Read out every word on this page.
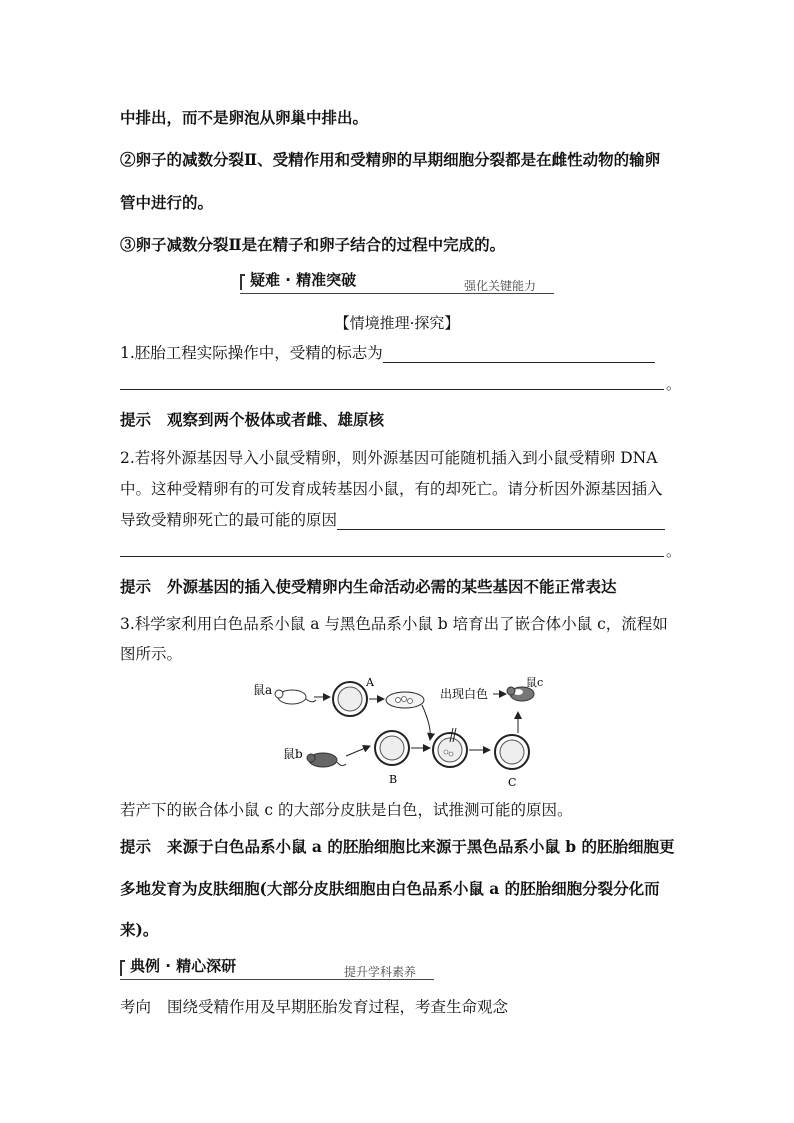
中排出，而不是卵泡从卵巢中排出。
②卵子的减数分裂Ⅱ、受精作用和受精卵的早期细胞分裂都是在雌性动物的输卵
管中进行的。
③卵子减数分裂Ⅱ是在精子和卵子结合的过程中完成的。
疑难 · 精准突破	强化关键能力
【情境推理·探究】
1.胚胎工程实际操作中，受精的标志为
。
提示 观察到两个极体或者雌、雄原核
2.若将外源基因导入小鼠受精卵，则外源基因可能随机插入到小鼠受精卵 DNA
中。这种受精卵有的可发育成转基因小鼠，有的却死亡。请分析因外源基因插入
导致受精卵死亡的最可能的原因
。
提示 外源基因的插入使受精卵内生命活动必需的某些基因不能正常表达
3.科学家利用白色品系小鼠 a 与黑色品系小鼠 b 培育出了嵌合体小鼠 c，流程如
图所示。
鼠a
A
出现白色
鼠c
鼠b
B	C
若产下的嵌合体小鼠 c 的大部分皮肤是白色，试推测可能的原因。
提示 来源于白色品系小鼠 a 的胚胎细胞比来源于黑色品系小鼠 b 的胚胎细胞更
多地发育为皮肤细胞(大部分皮肤细胞由白色品系小鼠 a 的胚胎细胞分裂分化而
来)。
典例 · 精心深研	提升学科素养
考向 围绕受精作用及早期胚胎发育过程，考查生命观念
